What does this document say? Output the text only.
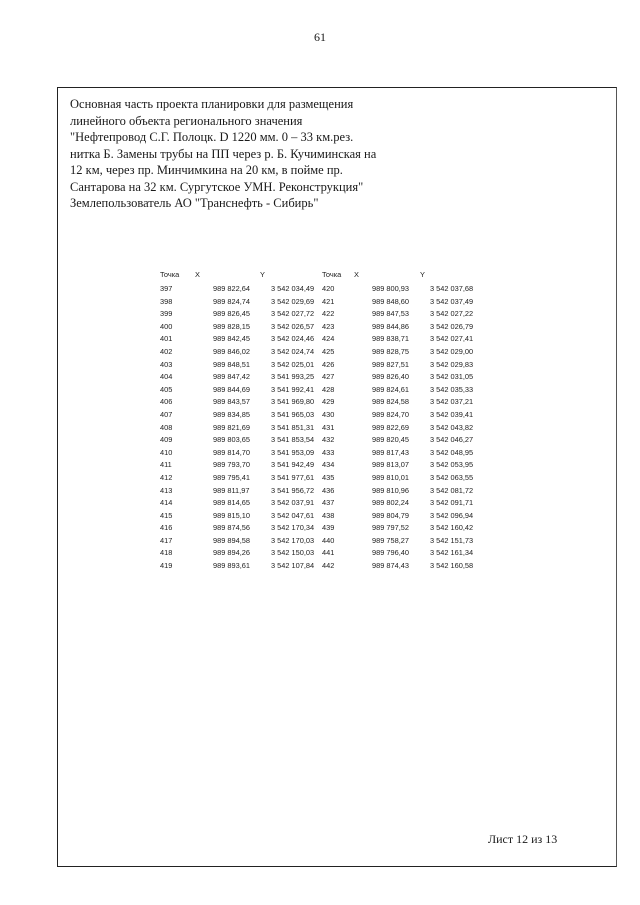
61
Основная часть проекта планировки для размещения
линейного объекта регионального значения
"Нефтепровод С.Г. Полоцк. D 1220 мм. 0 – 33 км.рез.
нитка Б. Замены трубы на ПП через р. Б. Кучиминская на
12 км, через пр. Минчимкина на 20 км, в пойме пр.
Сантарова на 32 км. Сургутское УМН. Реконструкция"
Землепользователь АО "Транснефть - Сибирь"
Точка X	Y
397	989 822,64	3 542 034,49
398	989 824,74	3 542 029,69
399	989 826,45	3 542 027,72
400	989 828,15	3 542 026,57
401	989 842,45	3 542 024,46
402	989 846,02	3 542 024,74
403	989 848,51	3 542 025,01
404	989 847,42	3 541 993,25
405	989 844,69	3 541 992,41
406	989 843,57	3 541 969,80
407	989 834,85	3 541 965,03
408	989 821,69	3 541 851,31
409	989 803,65	3 541 853,54
410	989 814,70	3 541 953,09
411	989 793,70	3 541 942,49
412	989 795,41	3 541 977,61
413	989 811,97	3 541 956,72
414	989 814,65	3 542 037,91
415	989 815,10	3 542 047,61
416	989 874,56	3 542 170,34
417	989 894,58	3 542 170,03
418	989 894,26	3 542 150,03
419	989 893,61	3 542 107,84
Точка X	Y
420	989 800,93	3 542 037,68
421	989 848,60	3 542 037,49
422	989 847,53	3 542 027,22
423	989 844,86	3 542 026,79
424	989 838,71	3 542 027,41
425	989 828,75	3 542 029,00
426	989 827,51	3 542 029,83
427	989 826,40	3 542 031,05
428	989 824,61	3 542 035,33
429	989 824,58	3 542 037,21
430	989 824,70	3 542 039,41
431	989 822,69	3 542 043,82
432	989 820,45	3 542 046,27
433	989 817,43	3 542 048,95
434	989 813,07	3 542 053,95
435	989 810,01	3 542 063,55
436	989 810,96	3 542 081,72
437	989 802,24	3 542 091,71
438	989 804,79	3 542 096,94
439	989 797,52	3 542 160,42
440	989 758,27	3 542 151,73
441	989 796,40	3 542 161,34
442	989 874,43	3 542 160,58
Лист 12 из 13
